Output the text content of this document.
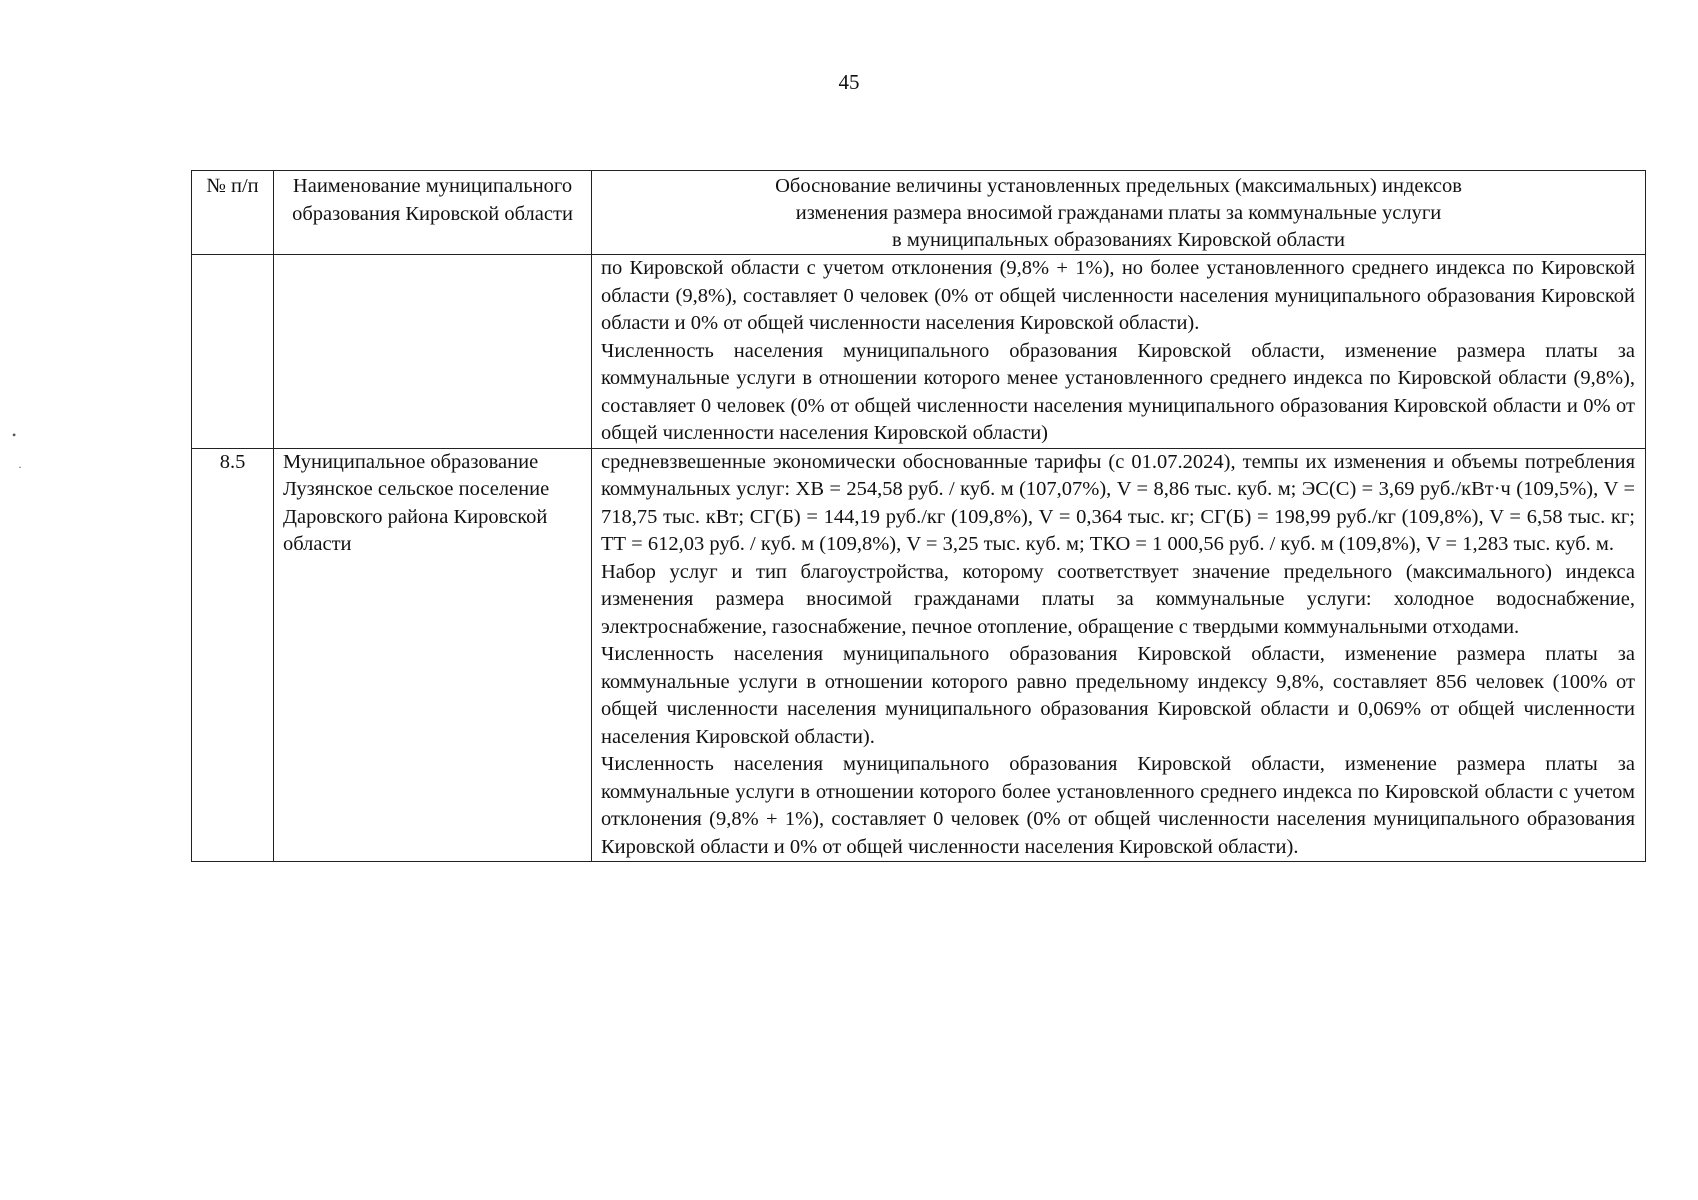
45
•
·
№ п/п	Наименование муниципального образования Кировской области	Обоснование величины установленных предельных (максимальных) индексов
изменения размера вносимой гражданами платы за коммунальные услуги
в муниципальных образованиях Кировской области

		по Кировской области с учетом отклонения (9,8% + 1%), но более установленного среднего индекса по Кировской области (9,8%), составляет 0 человек (0% от общей численности населения муниципального образования Кировской области и 0% от общей численности населения Кировской области).

Численность населения муниципального образования Кировской области, изменение размера платы за коммунальные услуги в отношении которого менее установленного среднего индекса по Кировской области (9,8%), составляет 0 человек (0% от общей численности населения муниципального образования Кировской области и 0% от общей численности населения Кировской области)

8.5	Муниципальное образование Лузянское сельское поселение Даровского района Кировской области	средневзвешенные экономически обоснованные тарифы (с 01.07.2024), темпы их изменения и объемы потребления коммунальных услуг: ХВ = 254,58 руб. / куб. м (107,07%), V = 8,86 тыс. куб. м; ЭС(С) = 3,69 руб./кВт·ч (109,5%), V = 718,75 тыс. кВт; СГ(Б) = 144,19 руб./кг (109,8%), V = 0,364 тыс. кг; СГ(Б) = 198,99 руб./кг (109,8%), V = 6,58 тыс. кг; ТТ = 612,03 руб. / куб. м (109,8%), V = 3,25 тыс. куб. м; ТКО = 1 000,56 руб. / куб. м (109,8%), V = 1,283 тыс. куб. м.

Набор услуг и тип благоустройства, которому соответствует значение предельного (максимального) индекса изменения размера вносимой гражданами платы за коммунальные услуги: холодное водоснабжение, электроснабжение, газоснабжение, печное отопление, обращение с твердыми коммунальными отходами.

Численность населения муниципального образования Кировской области, изменение размера платы за коммунальные услуги в отношении которого равно предельному индексу 9,8%, составляет 856 человек (100% от общей численности населения муниципального образования Кировской области и 0,069% от общей численности населения Кировской области).

Численность населения муниципального образования Кировской области, изменение размера платы за коммунальные услуги в отношении которого более установленного среднего индекса по Кировской области с учетом отклонения (9,8% + 1%), составляет 0 человек (0% от общей численности населения муниципального образования Кировской области и 0% от общей численности населения Кировской области).
